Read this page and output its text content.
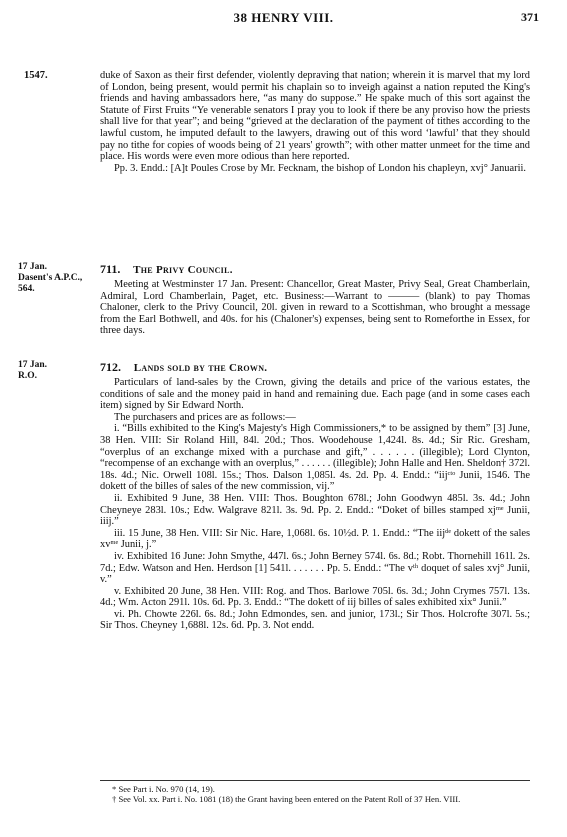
38 HENRY VIII.	371
1547.	duke of Saxon as their first defender, violently depraving that nation; wherein it is marvel that my lord of London, being present, would permit his chaplain so to inveigh against a nation reputed the King's friends and having ambassadors here, “as many do suppose.” He spake much of this sort against the Statute of First Fruits “Ye venerable senators I pray you to look if there be any proviso how the priests shall live for that year”; and being “grieved at the declaration of the payment of tithes according to the lawful custom, he imputed default to the lawyers, drawing out of this word ‘lawful’ that they should pay no tithe for copies of woods being of 21 years' growth”; with other matter unmeet for the time and place. His words were even more odious than here reported.

Pp. 3. Endd.: [A]t Poules Crose by Mr. Fecknam, the bishop of London his chapleyn, xvj° Januarii.

17 Jan.
Dasent's A.P.C., 564.
711. The Privy Council.

Meeting at Westminster 17 Jan. Present: Chancellor, Great Master, Privy Seal, Great Chamberlain, Admiral, Lord Chamberlain, Paget, etc. Business:—Warrant to ——— (blank) to pay Thomas Chaloner, clerk to the Privy Council, 20l. given in reward to a Scottishman, who brought a message from the Earl Bothwell, and 40s. for his (Chaloner's) expenses, being sent to Romeforthe in Essex, for three days.

17 Jan.
R.O.
712. Lands sold by the Crown.

Particulars of land-sales by the Crown, giving the details and price of the various estates, the conditions of sale and the money paid in hand and remaining due. Each page (and in some cases each item) signed by Sir Edward North.

The purchasers and prices are as follows:—

i. “Bills exhibited to the King's Majesty's High Commissioners,* to be assigned by them” [3] June, 38 Hen. VIII: Sir Roland Hill, 84l. 20d.; Thos. Woodehouse 1,424l. 8s. 4d.; Sir Ric. Gresham, “overplus of an exchange mixed with a purchase and gift,” . . . . . . (illegible); Lord Clynton, “recompense of an exchange with an overplus,” . . . . . . (illegible); John Halle and Hen. Sheldon† 372l. 18s. 4d.; Nic. Orwell 108l. 15s.; Thos. Dalson 1,085l. 4s. 2d. Pp. 4. Endd.: “iijᶜᵗᵒ Junii, 1546. The dokett of the billes of sales of the new commission, vij.”

ii. Exhibited 9 June, 38 Hen. VIII: Thos. Boughton 678l.; John Goodwyn 485l. 3s. 4d.; John Cheyneye 283l. 10s.; Edw. Walgrave 821l. 3s. 9d. Pp. 2. Endd.: “Doket of billes stamped xjᵐᵉ Junii, iiij.”

iii. 15 June, 38 Hen. VIII: Sir Nic. Hare, 1,068l. 6s. 10½d. P. 1. Endd.: “The iijᵈᵉ dokett of the sales xvᵐᵉ Junii, j.”

iv. Exhibited 16 June: John Smythe, 447l. 6s.; John Berney 574l. 6s. 8d.; Robt. Thornehill 161l. 2s. 7d.; Edw. Watson and Hen. Herdson [1] 541l. . . . . . . Pp. 5. Endd.: “The vᵗʰ doquet of sales xvj° Junii, v.”

v. Exhibited 20 June, 38 Hen. VIII: Rog. and Thos. Barlowe 705l. 6s. 3d.; John Crymes 757l. 13s. 4d.; Wm. Acton 291l. 10s. 6d. Pp. 3. Endd.: “The dokett of iij billes of sales exhibited xix° Junii.”

vi. Ph. Chowte 226l. 6s. 8d.; John Edmondes, sen. and junior, 173l.; Sir Thos. Holcrofte 307l. 5s.; Sir Thos. Cheyney 1,688l. 12s. 6d. Pp. 3. Not endd.

* See Part i. No. 970 (14, 19).

† See Vol. xx. Part i. No. 1081 (18) the Grant having been entered on the Patent Roll of 37 Hen. VIII.
